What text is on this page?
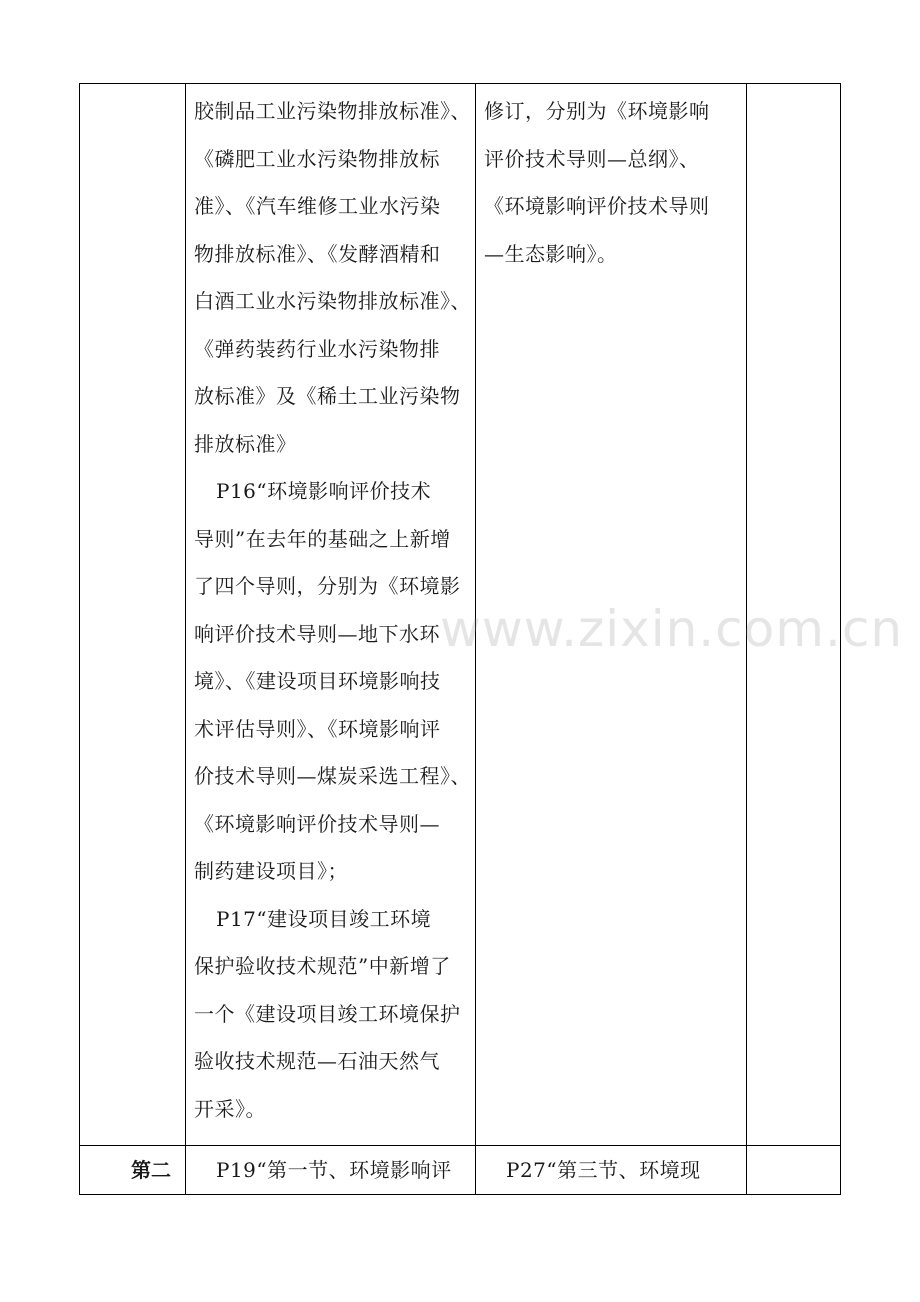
胶制品工业污染物排放标准》、

《磷肥工业水污染物排放标

准》、《汽车维修工业水污染

物排放标准》、《发酵酒精和

白酒工业水污染物排放标准》、

《弹药装药行业水污染物排

放标准》及《稀土工业污染物

排放标准》

P16“环境影响评价技术

导则”在去年的基础之上新增

了四个导则，分别为《环境影

响评价技术导则—地下水环

境》、《建设项目环境影响技

术评估导则》、《环境影响评

价技术导则—煤炭采选工程》、

《环境影响评价技术导则—

制药建设项目》；

P17“建设项目竣工环境

保护验收技术规范”中新增了

一个《建设项目竣工环境保护

验收技术规范—石油天然气

开采》。

修订，分别为《环境影响

评价技术导则—总纲》、

《环境影响评价技术导则

—生态影响》。

第二	P19“第一节、环境影响评	P27“第三节、环境现
www.zixin.com.cn
